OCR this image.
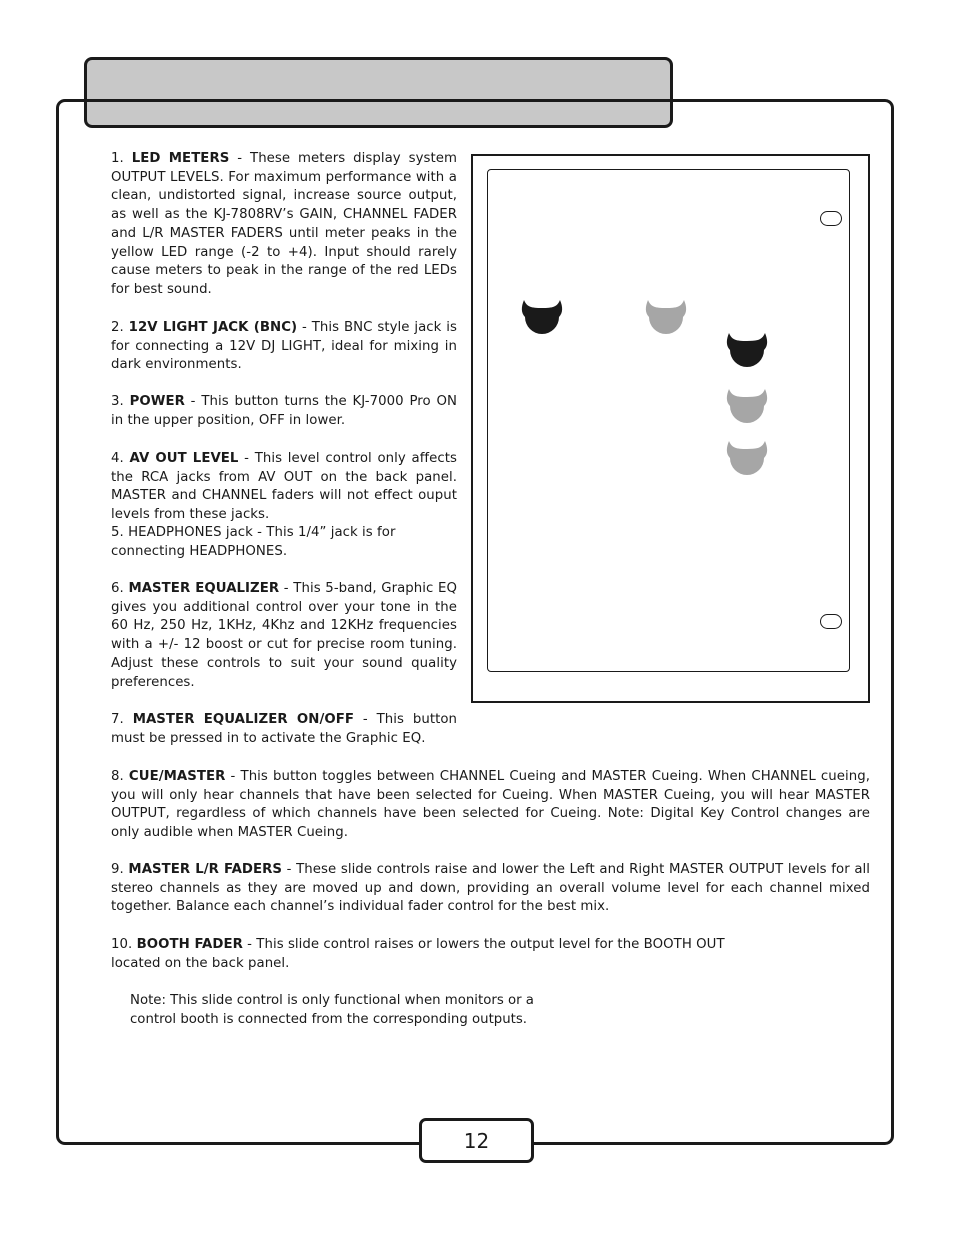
1. LED METERS - These meters display system OUTPUT LEVELS. For maximum performance with a clean, undistorted signal, increase source output, as well as the KJ-7808RV’s GAIN, CHANNEL FADER and L/R MASTER FADERS until meter peaks in the yellow LED range (-2 to +4). Input should rarely cause meters to peak in the range of the red LEDs for best sound.
2. 12V LIGHT JACK (BNC) - This BNC style jack is for connecting a 12V DJ LIGHT, ideal for mixing in dark environments.
3. POWER - This button turns the KJ-7000 Pro ON in the upper position, OFF in lower.
4. AV OUT LEVEL - This level control only affects the RCA jacks from AV OUT on the back panel. MASTER and CHANNEL faders will not effect ouput levels from these jacks.
5. HEADPHONES jack - This 1/4” jack is for connecting HEADPHONES.
6. MASTER EQUALIZER - This 5-band, Graphic EQ gives you additional control over your tone in the 60 Hz, 250 Hz, 1KHz, 4Khz and 12KHz frequencies with a +/- 12 boost or cut for precise room tuning. Adjust these controls to suit your sound quality preferences.
7. MASTER EQUALIZER ON/OFF - This button must be pressed in to activate the Graphic EQ.
8. CUE/MASTER - This button toggles between CHANNEL Cueing and MASTER Cueing. When CHANNEL cueing, you will only hear channels that have been selected for Cueing. When MASTER Cueing, you will hear MASTER OUTPUT, regardless of which channels have been selected for Cueing. Note: Digital Key Control changes are only audible when MASTER Cueing.
9. MASTER L/R FADERS - These slide controls raise and lower the Left and Right MASTER OUTPUT levels for all stereo channels as they are moved up and down, providing an overall volume level for each channel mixed together. Balance each channel’s individual fader control for the best mix.
10. BOOTH FADER - This slide control raises or lowers the output level for the BOOTH OUT
located on the back panel.
Note: This slide control is only functional when monitors or a
control booth is connected from the corresponding outputs.
12
